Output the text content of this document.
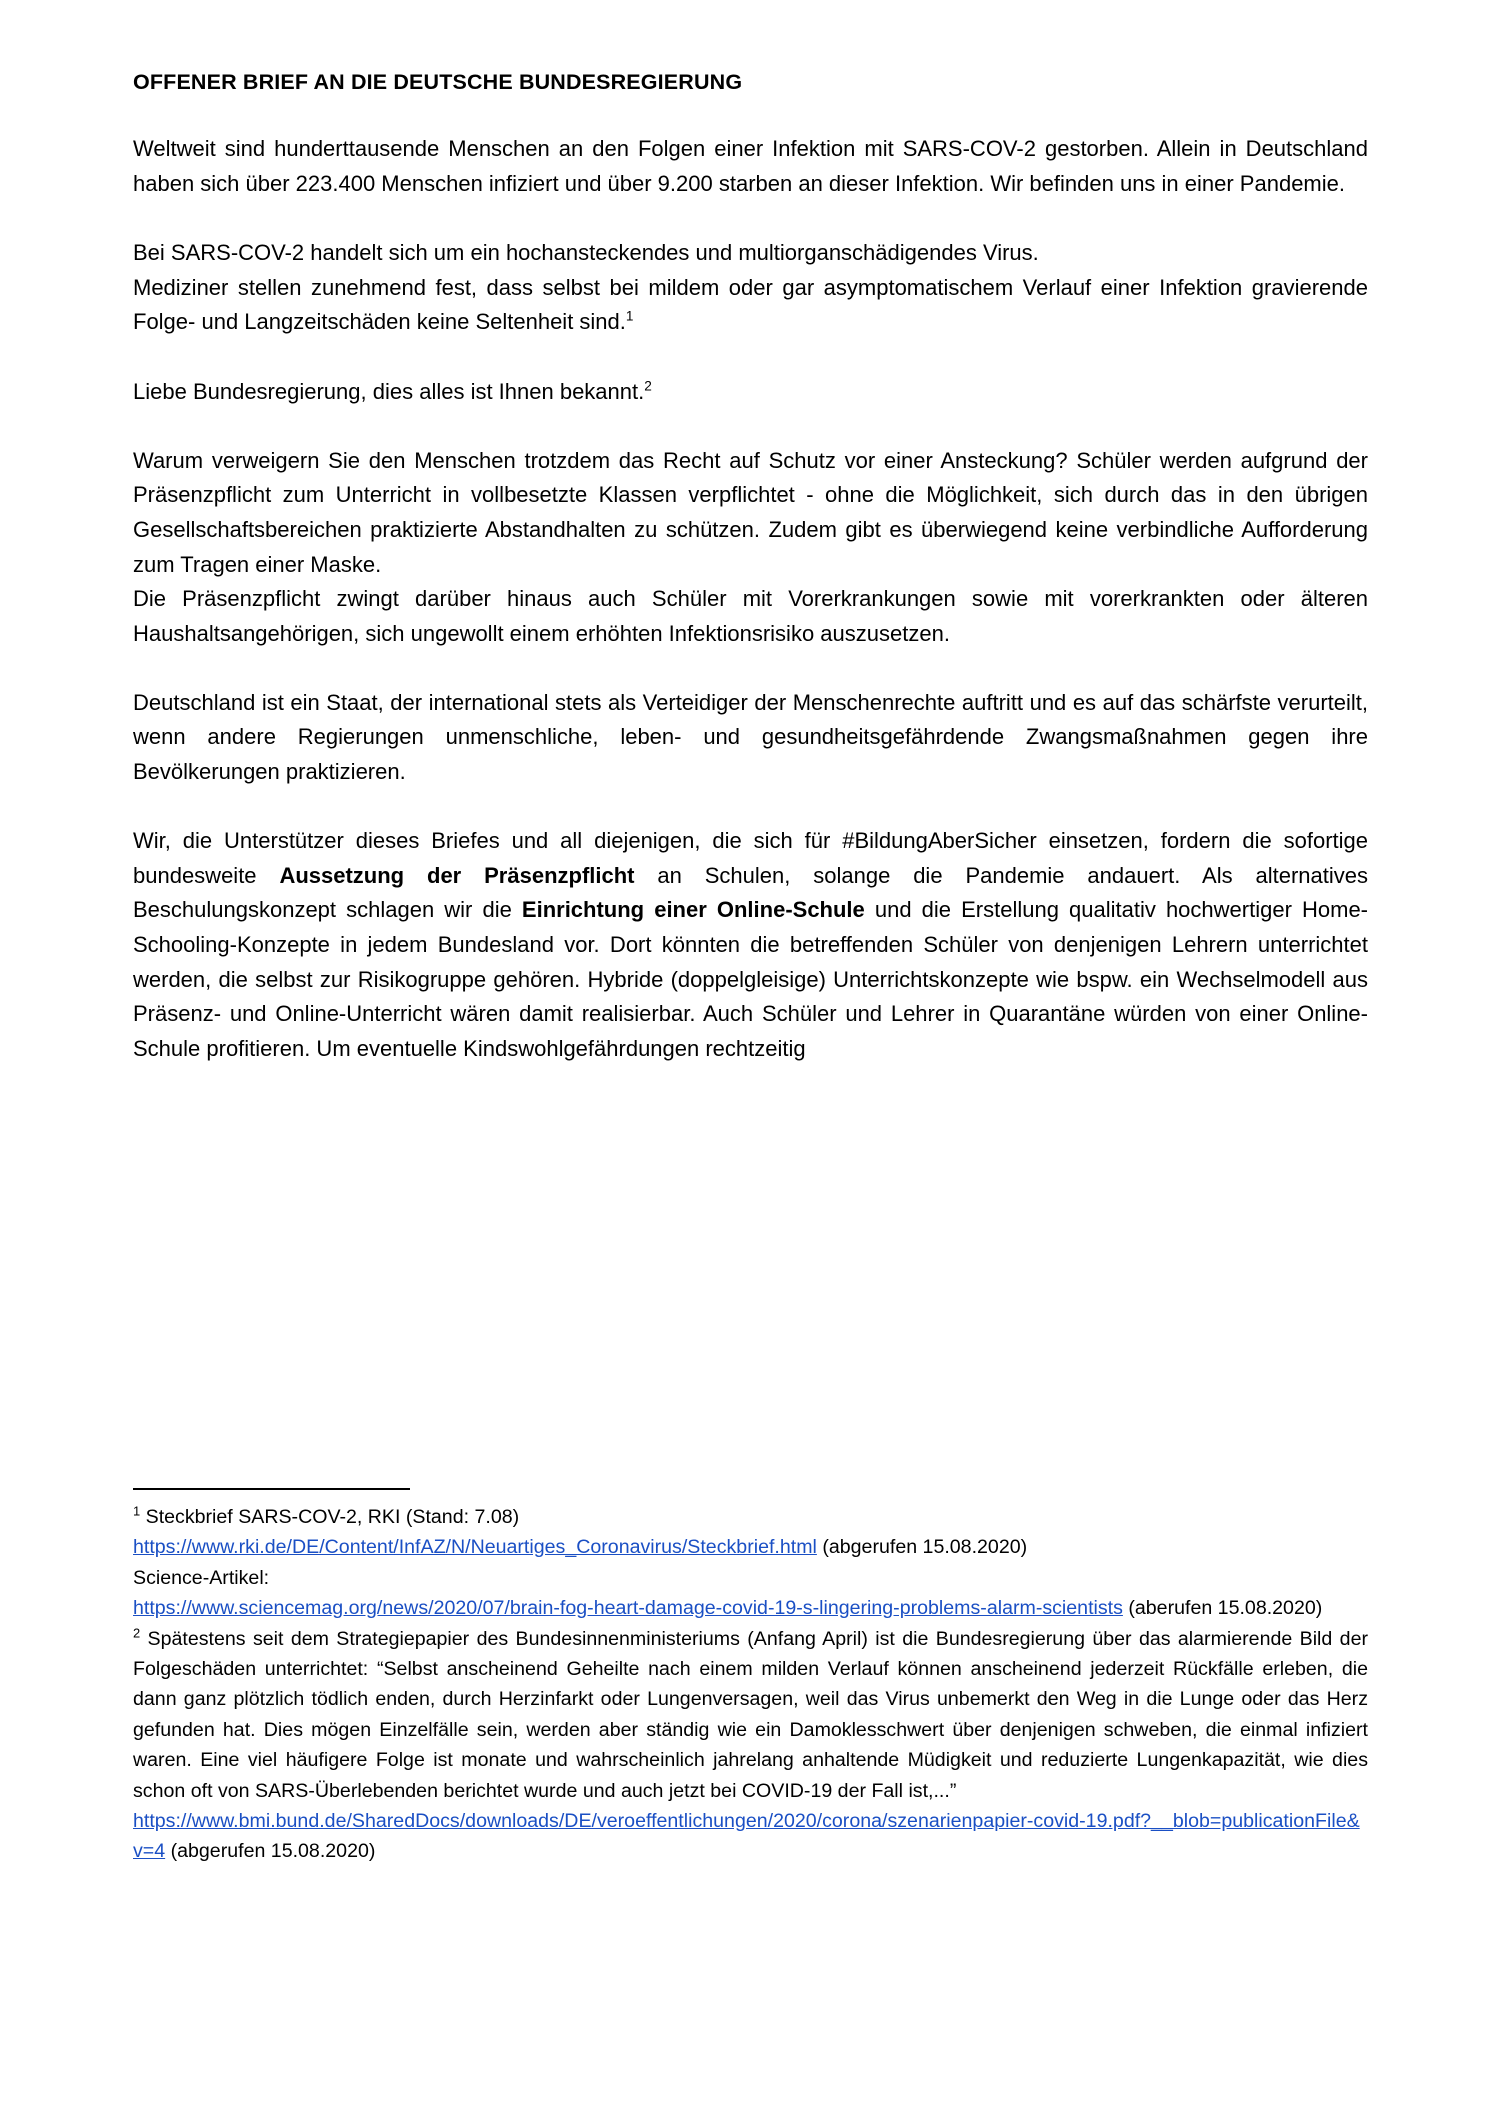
OFFENER BRIEF AN DIE DEUTSCHE BUNDESREGIERUNG

Weltweit sind hunderttausende Menschen an den Folgen einer Infektion mit SARS-COV-2 gestorben. Allein in Deutschland haben sich über 223.400 Menschen infiziert und über 9.200 starben an dieser Infektion. Wir befinden uns in einer Pandemie.

Bei SARS-COV-2 handelt sich um ein hochansteckendes und multiorganschädigendes Virus.

Mediziner stellen zunehmend fest, dass selbst bei mildem oder gar asymptomatischem Verlauf einer Infektion gravierende Folge- und Langzeitschäden keine Seltenheit sind.$^1$

Liebe Bundesregierung, dies alles ist Ihnen bekannt.$^2$

Warum verweigern Sie den Menschen trotzdem das Recht auf Schutz vor einer Ansteckung? Schüler werden aufgrund der Präsenzpflicht zum Unterricht in vollbesetzte Klassen verpflichtet - ohne die Möglichkeit, sich durch das in den übrigen Gesellschaftsbereichen praktizierte Abstandhalten zu schützen. Zudem gibt es überwiegend keine verbindliche Aufforderung zum Tragen einer Maske.

Die Präsenzpflicht zwingt darüber hinaus auch Schüler mit Vorerkrankungen sowie mit vorerkrankten oder älteren Haushaltsangehörigen, sich ungewollt einem erhöhten Infektionsrisiko auszusetzen.

Deutschland ist ein Staat, der international stets als Verteidiger der Menschenrechte auftritt und es auf das schärfste verurteilt, wenn andere Regierungen unmenschliche, leben- und gesundheitsgefährdende Zwangsmaßnahmen gegen ihre Bevölkerungen praktizieren.

Wir, die Unterstützer dieses Briefes und all diejenigen, die sich für #BildungAberSicher einsetzen, fordern die sofortige bundesweite Aussetzung der Präsenzpflicht an Schulen, solange die Pandemie andauert. Als alternatives Beschulungskonzept schlagen wir die Einrichtung einer Online-Schule und die Erstellung qualitativ hochwertiger Home-Schooling-Konzepte in jedem Bundesland vor. Dort könnten die betreffenden Schüler von denjenigen Lehrern unterrichtet werden, die selbst zur Risikogruppe gehören. Hybride (doppelgleisige) Unterrichtskonzepte wie bspw. ein Wechselmodell aus Präsenz- und Online-Unterricht wären damit realisierbar. Auch Schüler und Lehrer in Quarantäne würden von einer Online-Schule profitieren. Um eventuelle Kindswohlgefährdungen rechtzeitig

$^1$ Steckbrief SARS-COV-2, RKI (Stand: 7.08)
https://www.rki.de/DE/Content/InfAZ/N/Neuartiges_Coronavirus/Steckbrief.html (abgerufen 15.08.2020)
Science-Artikel:
https://www.sciencemag.org/news/2020/07/brain-fog-heart-damage-covid-19-s-lingering-problems-alarm-scientists (aberufen 15.08.2020)

$^2$ Spätestens seit dem Strategiepapier des Bundesinnenministeriums (Anfang April) ist die Bundesregierung über das alarmierende Bild der Folgeschäden unterrichtet: “Selbst anscheinend Geheilte nach einem milden Verlauf können anscheinend jederzeit Rückfälle erleben, die dann ganz plötzlich tödlich enden, durch Herzinfarkt oder Lungenversagen, weil das Virus unbemerkt den Weg in die Lunge oder das Herz gefunden hat. Dies mögen Einzelfälle sein, werden aber ständig wie ein Damoklesschwert über denjenigen schweben, die einmal infiziert waren. Eine viel häufigere Folge ist monate und wahrscheinlich jahrelang anhaltende Müdigkeit und reduzierte Lungenkapazität, wie dies schon oft von SARS-Überlebenden berichtet wurde und auch jetzt bei COVID-19 der Fall ist,...”
https://www.bmi.bund.de/SharedDocs/downloads/DE/veroeffentlichungen/2020/corona/szenarienpapier-covid-19.pdf?__blob=publicationFile&v=4 (abgerufen 15.08.2020)
